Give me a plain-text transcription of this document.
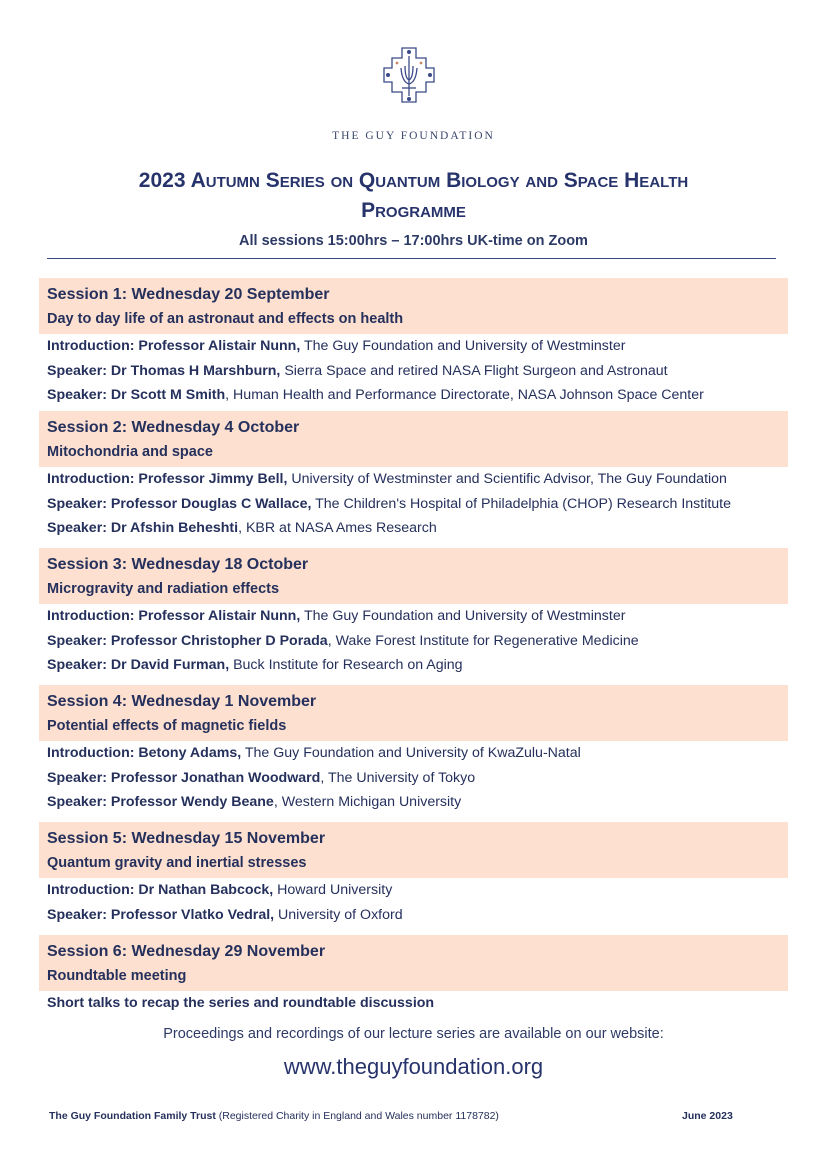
THE GUY FOUNDATION
2023 Autumn Series on Quantum Biology and Space Health
Programme
All sessions 15:00hrs – 17:00hrs UK-time on Zoom
Session 1: Wednesday 20 September
Day to day life of an astronaut and effects on health
Introduction: Professor Alistair Nunn, The Guy Foundation and University of Westminster
Speaker: Dr Thomas H Marshburn, Sierra Space and retired NASA Flight Surgeon and Astronaut
Speaker: Dr Scott M Smith, Human Health and Performance Directorate, NASA Johnson Space Center
Session 2: Wednesday 4 October
Mitochondria and space
Introduction: Professor Jimmy Bell, University of Westminster and Scientific Advisor, The Guy Foundation
Speaker: Professor Douglas C Wallace, The Children's Hospital of Philadelphia (CHOP) Research Institute
Speaker: Dr Afshin Beheshti, KBR at NASA Ames Research
Session 3: Wednesday 18 October
Microgravity and radiation effects
Introduction: Professor Alistair Nunn, The Guy Foundation and University of Westminster
Speaker: Professor Christopher D Porada, Wake Forest Institute for Regenerative Medicine
Speaker: Dr David Furman, Buck Institute for Research on Aging
Session 4: Wednesday 1 November
Potential effects of magnetic fields
Introduction: Betony Adams, The Guy Foundation and University of KwaZulu-Natal
Speaker: Professor Jonathan Woodward, The University of Tokyo
Speaker: Professor Wendy Beane, Western Michigan University
Session 5: Wednesday 15 November
Quantum gravity and inertial stresses
Introduction: Dr Nathan Babcock, Howard University
Speaker: Professor Vlatko Vedral, University of Oxford
Session 6: Wednesday 29 November
Roundtable meeting
Short talks to recap the series and roundtable discussion
Proceedings and recordings of our lecture series are available on our website:
www.theguyfoundation.org
The Guy Foundation Family Trust (Registered Charity in England and Wales number 1178782)	June 2023
